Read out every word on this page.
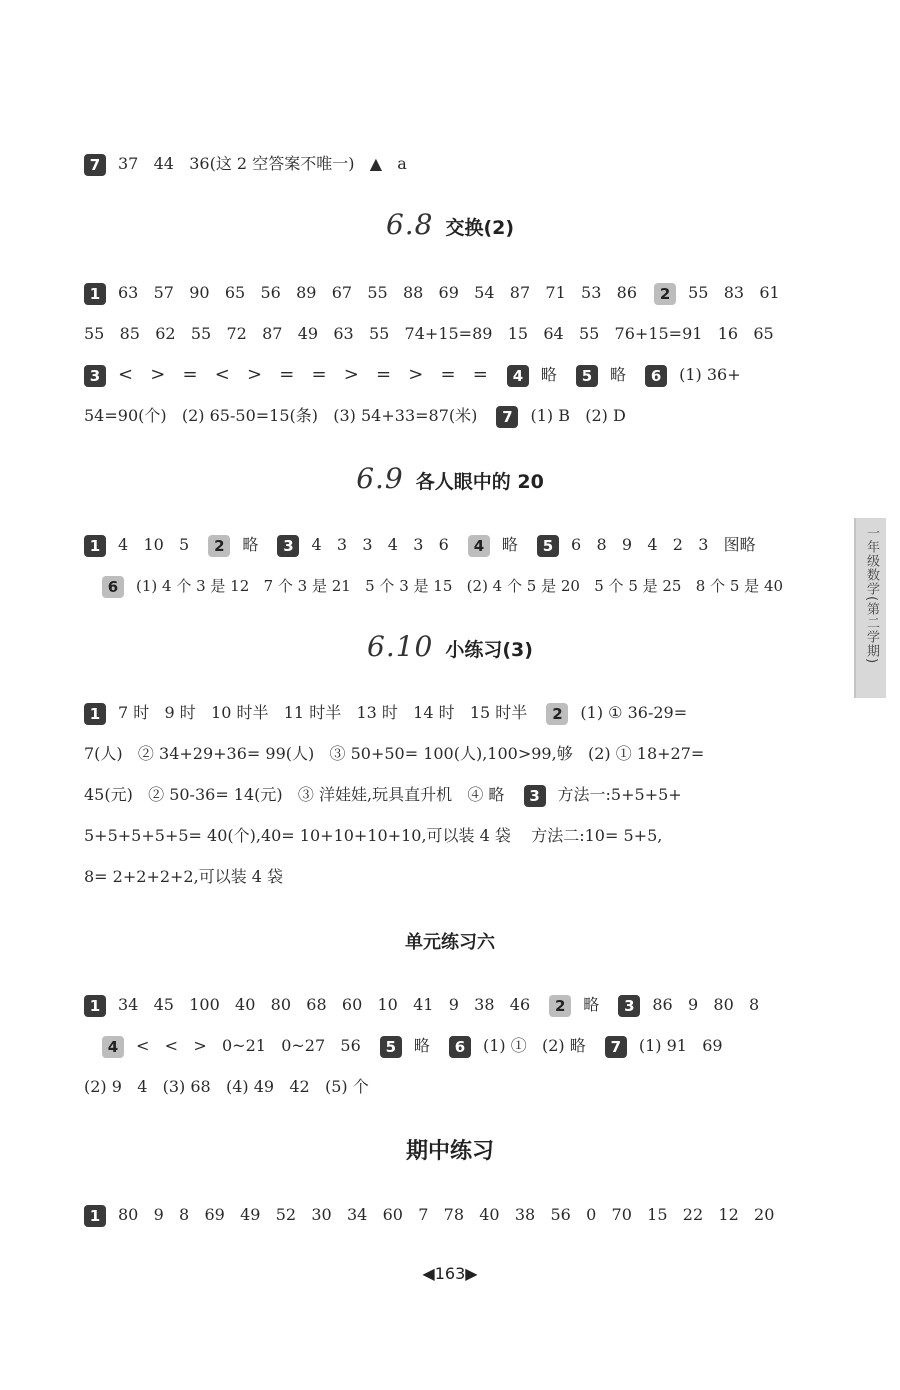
7 37   44   36(这 2 空答案不唯一)   ▲   a
6.8 交换(2)
1 63   57   90   65   56   89   67   55   88   69   54   87   71   53   86 2 55   83   61
55   85   62   55   72   87   49   63   55   74+15=89   15   64   55   76+15=91   16   65
3 <   >   =   <   >   =   =   >   =   >   =   = 4 略 5 略 6 (1) 36+
54=90(个)   (2) 65-50=15(条)   (3) 54+33=87(米) 7 (1) B   (2) D
6.9 各人眼中的 20
1 4   10   5 2 略 3 4   3   3   4   3   6 4 略 5 6   8   9   4   2   3   图略
6 (1) 4 个 3 是 12   7 个 3 是 21   5 个 3 是 15   (2) 4 个 5 是 20   5 个 5 是 25   8 个 5 是 40
6.10 小练习(3)
1 7 时   9 时   10 时半   11 时半   13 时   14 时   15 时半 2 (1) ① 36-29=
7(人)   ② 34+29+36= 99(人)   ③ 50+50= 100(人),100>99,够   (2) ① 18+27=
45(元)   ② 50-36= 14(元)   ③ 洋娃娃,玩具直升机   ④ 略 3 方法一:5+5+5+
5+5+5+5+5= 40(个),40= 10+10+10+10,可以装 4 袋    方法二:10= 5+5,
8= 2+2+2+2,可以装 4 袋
单元练习六
1 34   45   100   40   80   68   60   10   41   9   38   46 2 略 3 86   9   80   8
4 <   <   >   0~21   0~27   56 5 略 6 (1) ①   (2) 略 7 (1) 91   69
(2) 9   4   (3) 68   (4) 49   42   (5) 个
期中练习
1 80   9   8   69   49   52   30   34   60   7   78   40   38   56   0   70   15   22   12   20
一年级数学(第二学期)
◀163▶
